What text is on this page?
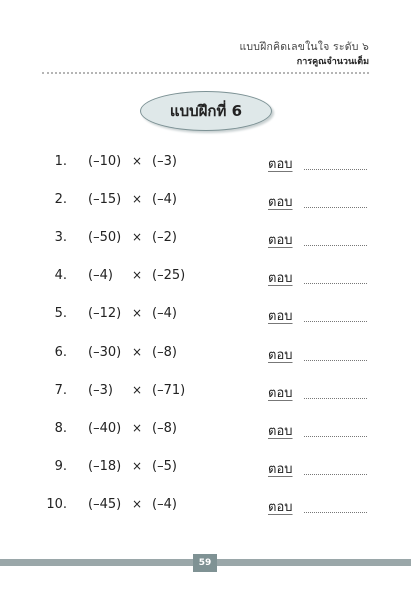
แบบฝึกคิดเลขในใจ ระดับ ๖
การคูณจำนวนเต็ม
แบบฝึกที่ 6
1. (–10) × (–3)	ตอบ
2. (–15) × (–4)	ตอบ
3. (–50) × (–2)	ตอบ
4. (–4) × (–25)	ตอบ
5. (–12) × (–4)	ตอบ
6. (–30) × (–8)	ตอบ
7. (–3) × (–71)	ตอบ
8. (–40) × (–8)	ตอบ
9. (–18) × (–5)	ตอบ
10. (–45) × (–4)	ตอบ
59
